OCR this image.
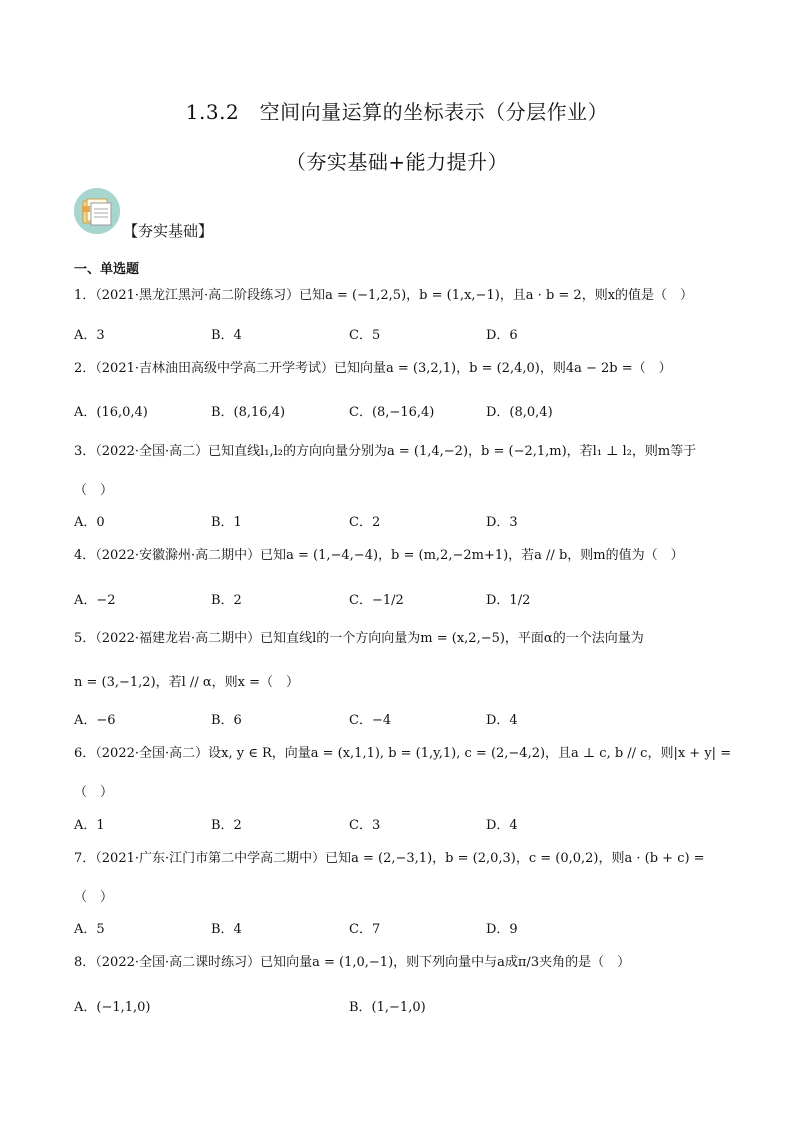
1.3.2　空间向量运算的坐标表示（分层作业）
（夯实基础+能力提升）
【夯实基础】
一、单选题
1．（2021·黑龙江黑河·高二阶段练习）已知a = (−1,2,5)，b = (1,x,−1)，且a · b = 2，则x的值是（　）
A．3	B．4	C．5	D．6
2．（2021·吉林油田高级中学高二开学考试）已知向量a = (3,2,1)，b = (2,4,0)，则4a − 2b =（　）
A．(16,0,4)	B．(8,16,4)	C．(8,−16,4)	D．(8,0,4)
3．（2022·全国·高二）已知直线l₁,l₂的方向向量分别为a = (1,4,−2)，b = (−2,1,m)，若l₁ ⊥ l₂，则m等于
（　）
A．0	B．1	C．2	D．3
4．（2022·安徽滁州·高二期中）已知a = (1,−4,−4)，b = (m,2,−2m+1)，若a // b，则m的值为（　）
A．−2	B．2	C．−1/2	D．1/2
5．（2022·福建龙岩·高二期中）已知直线l的一个方向向量为m = (x,2,−5)，平面α的一个法向量为
n = (3,−1,2)，若l // α，则x =（　）
A．−6	B．6	C．−4	D．4
6．（2022·全国·高二）设x, y ∈ R，向量a = (x,1,1), b = (1,y,1), c = (2,−4,2)，且a ⊥ c, b // c，则|x + y| =
（　）
A．1	B．2	C．3	D．4
7．（2021·广东·江门市第二中学高二期中）已知a = (2,−3,1)，b = (2,0,3)，c = (0,0,2)，则a · (b + c) =
（　）
A．5	B．4	C．7	D．9
8．（2022·全国·高二课时练习）已知向量a = (1,0,−1)，则下列向量中与a成π/3夹角的是（　）
A．(−1,1,0)	B．(1,−1,0)
